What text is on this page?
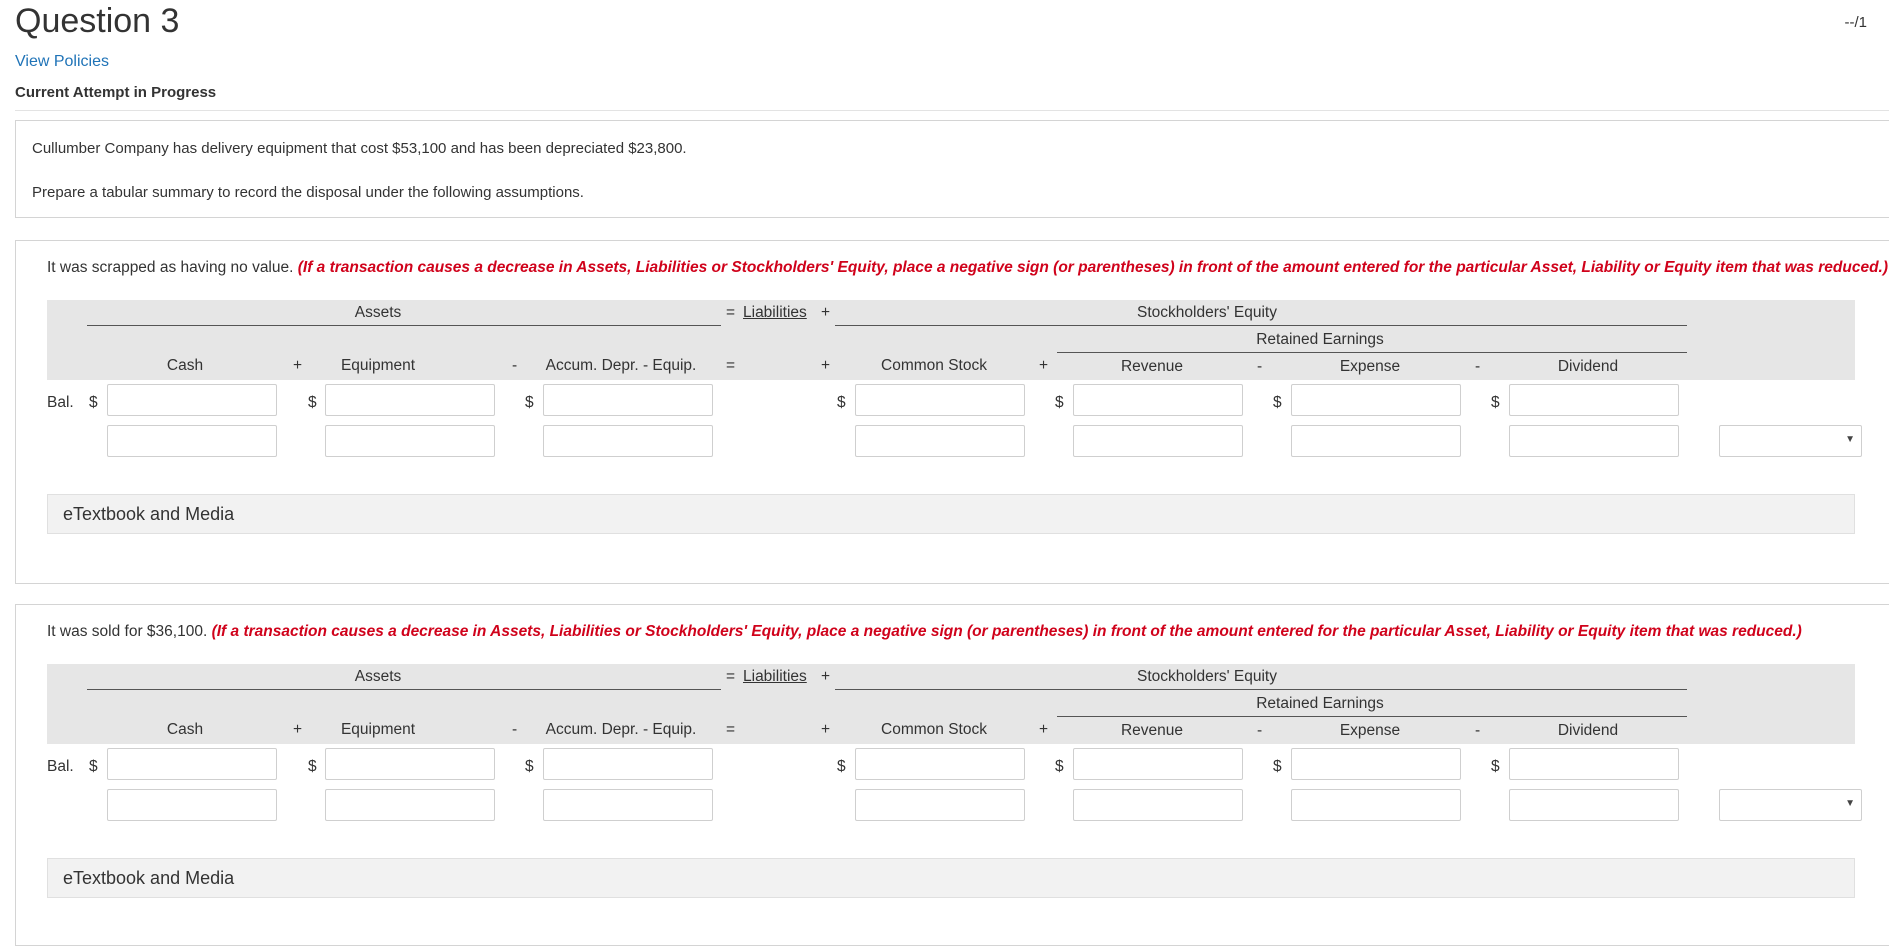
Question 3	--/1
View Policies
Current Attempt in Progress

Cullumber Company has delivery equipment that cost $53,100 and has been depreciated $23,800.

Prepare a tabular summary to record the disposal under the following assumptions.

It was scrapped as having no value. (If a transaction causes a decrease in Assets, Liabilities or Stockholders' Equity, place a negative sign (or parentheses) in front of the amount entered for the particular Asset, Liability or Equity item that was reduced.)
Assets	= Liabilities +	Stockholders' Equity
Retained Earnings
Cash	+	Equipment	-	Accum. Depr. - Equip.	=	+	Common Stock	+	Revenue	-	Expense	-	Dividend
Bal. $	$	$	$	$	$	$
▼
eTextbook and Media
It was sold for $36,100. (If a transaction causes a decrease in Assets, Liabilities or Stockholders' Equity, place a negative sign (or parentheses) in front of the amount entered for the particular Asset, Liability or Equity item that was reduced.)
Assets	= Liabilities +	Stockholders' Equity
Retained Earnings
Cash	+	Equipment	-	Accum. Depr. - Equip.	=	+	Common Stock	+	Revenue	-	Expense	-	Dividend
Bal. $	$	$	$	$	$	$
▼
eTextbook and Media
